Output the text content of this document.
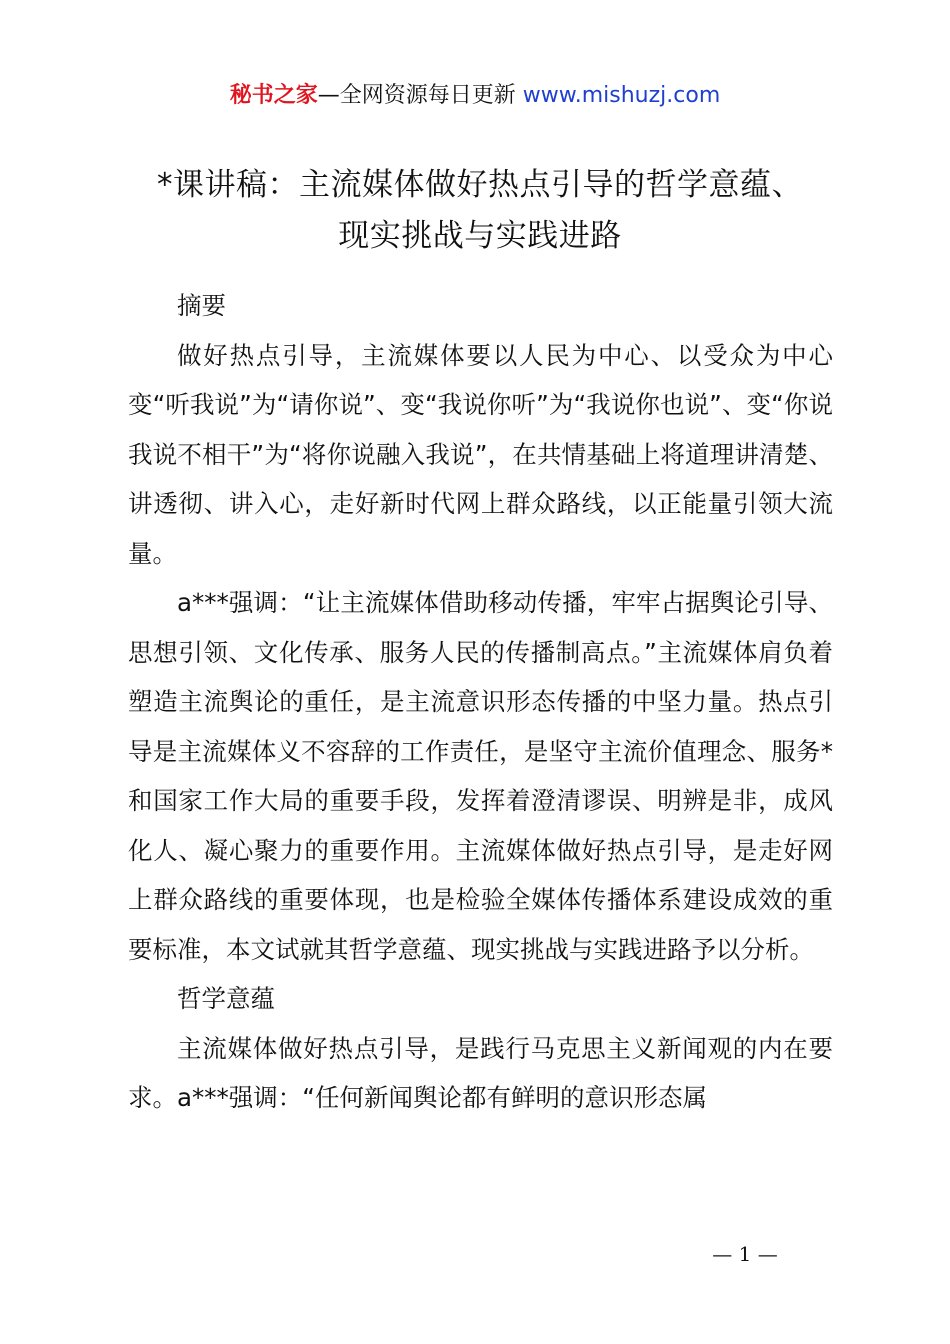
秘书之家—全网资源每日更新 www.mishuzj.com
*课讲稿：主流媒体做好热点引导的哲学意蕴、
现实挑战与实践进路

摘要

做好热点引导，主流媒体要以人民为中心、以受众为中心变“听我说”为“请你说”、变“我说你听”为“我说你也说”、变“你说我说不相干”为“将你说融入我说”，在共情基础上将道理讲清楚、讲透彻、讲入心，走好新时代网上群众路线，以正能量引领大流量。

a***强调：“让主流媒体借助移动传播，牢牢占据舆论引导、思想引领、文化传承、服务人民的传播制高点。”主流媒体肩负着塑造主流舆论的重任，是主流意识形态传播的中坚力量。热点引导是主流媒体义不容辞的工作责任，是坚守主流价值理念、服务*和国家工作大局的重要手段，发挥着澄清谬误、明辨是非，成风化人、凝心聚力的重要作用。主流媒体做好热点引导，是走好网上群众路线的重要体现，也是检验全媒体传播体系建设成效的重要标准，本文试就其哲学意蕴、现实挑战与实践进路予以分析。

哲学意蕴

主流媒体做好热点引导，是践行马克思主义新闻观的内在要求。a***强调：“任何新闻舆论都有鲜明的意识形态属

— 1 —
